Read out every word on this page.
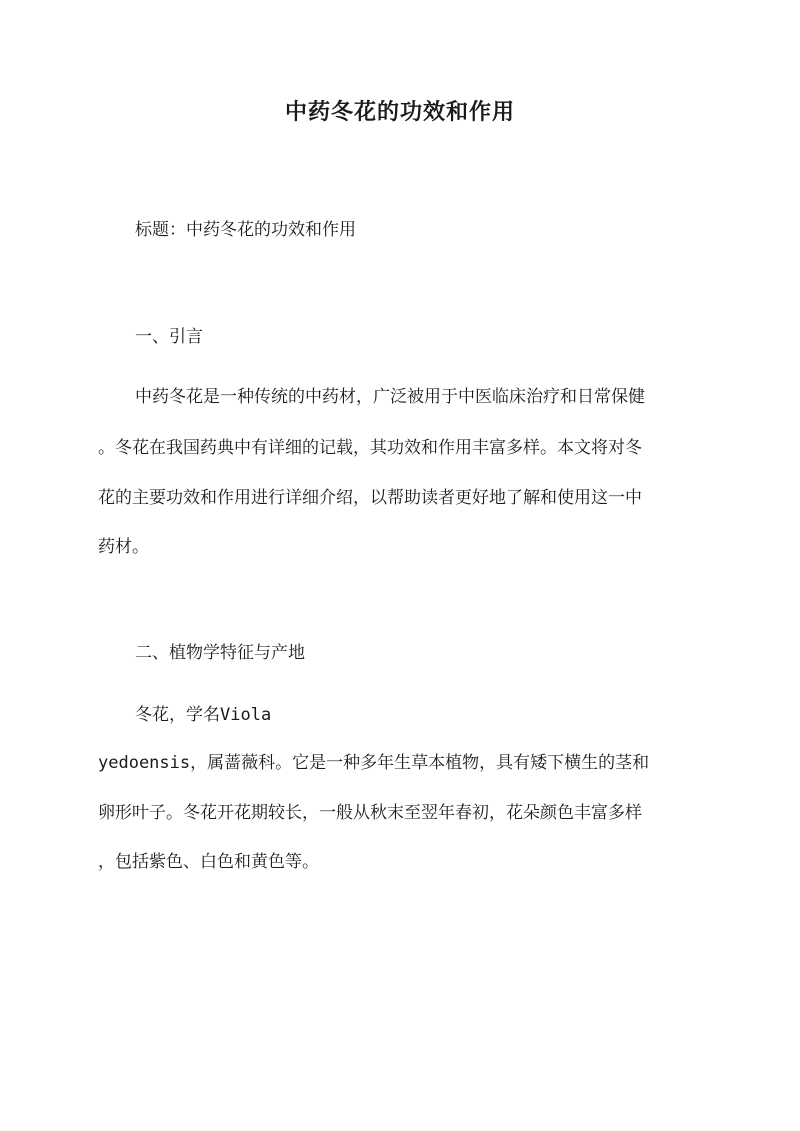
中药冬花的功效和作用
标题：中药冬花的功效和作用
一、引言
中药冬花是一种传统的中药材，广泛被用于中医临床治疗和日常保健
。冬花在我国药典中有详细的记载，其功效和作用丰富多样。本文将对冬
花的主要功效和作用进行详细介绍，以帮助读者更好地了解和使用这一中
药材。
二、植物学特征与产地
冬花，学名Viola
yedoensis，属蔷薇科。它是一种多年生草本植物，具有矮下横生的茎和
卵形叶子。冬花开花期较长，一般从秋末至翌年春初，花朵颜色丰富多样
，包括紫色、白色和黄色等。
